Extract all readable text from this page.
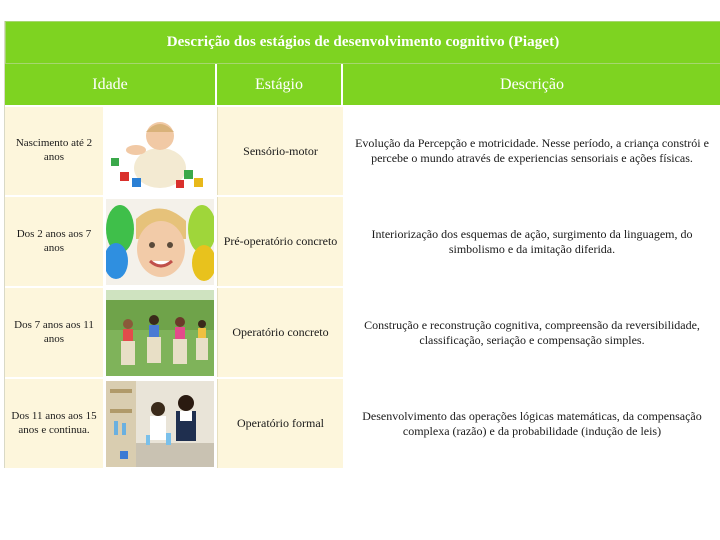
Descrição dos estágios de desenvolvimento cognitivo (Piaget)
Idade	Estágio	Descrição
Nascimento até 2 anos	Sensório-motor
Evolução da Percepção e motricidade. Nesse período, a criança constrói e percebe o mundo através de experiencias sensoriais e ações físicas.
Dos 2 anos aos 7 anos	Pré-operatório concreto
Interiorização dos esquemas de ação, surgimento da linguagem, do simbolismo e da imitação diferida.
Dos 7 anos aos 11 anos	Operatório concreto
Construção e reconstrução cognitiva, compreensão da reversibilidade, classificação, seriação e compensação simples.
Dos 11 anos aos 15 anos e continua.	Operatório formal
Desenvolvimento das operações lógicas matemáticas, da compensação complexa (razão) e da probabilidade (indução de leis)
